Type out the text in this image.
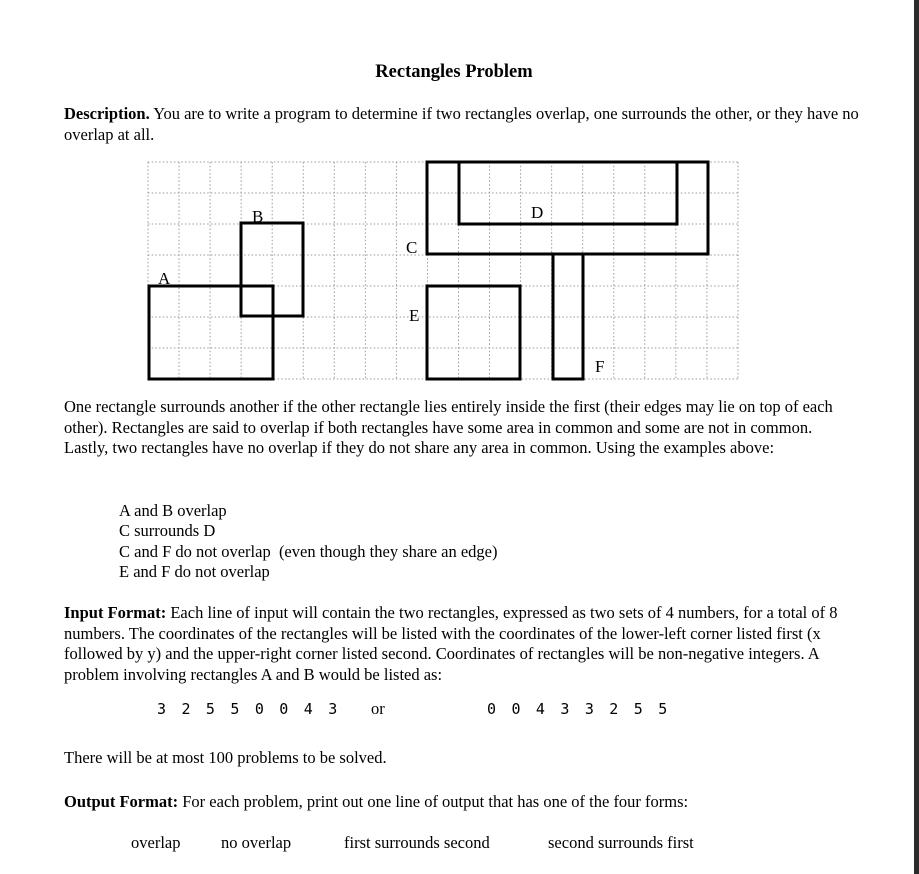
Rectangles Problem

Description. You are to write a program to determine if two rectangles overlap, one surrounds the other, or they have no overlap at all.

A
B
C
D
E
F

One rectangle surrounds another if the other rectangle lies entirely inside the first (their edges may lie on top of each other). Rectangles are said to overlap if both rectangles have some area in common and some are not in common. Lastly, two rectangles have no overlap if they do not share any area in common. Using the examples above:

A and B overlap
C surrounds D
C and F do not overlap  (even though they share an edge)
E and F do not overlap

Input Format: Each line of input will contain the two rectangles, expressed as two sets of 4 numbers, for a total of 8 numbers. The coordinates of the rectangles will be listed with the coordinates of the lower-left corner listed first (x followed by y) and the upper-right corner listed second. Coordinates of rectangles will be non-negative integers. A problem involving rectangles A and B would be listed as:

3 2 5 5 0 0 4 3 or	0 0 4 3 3 2 5 5

There will be at most 100 problems to be solved.

Output Format: For each problem, print out one line of output that has one of the four forms:

overlap no overlap	first surrounds second	second surrounds first
